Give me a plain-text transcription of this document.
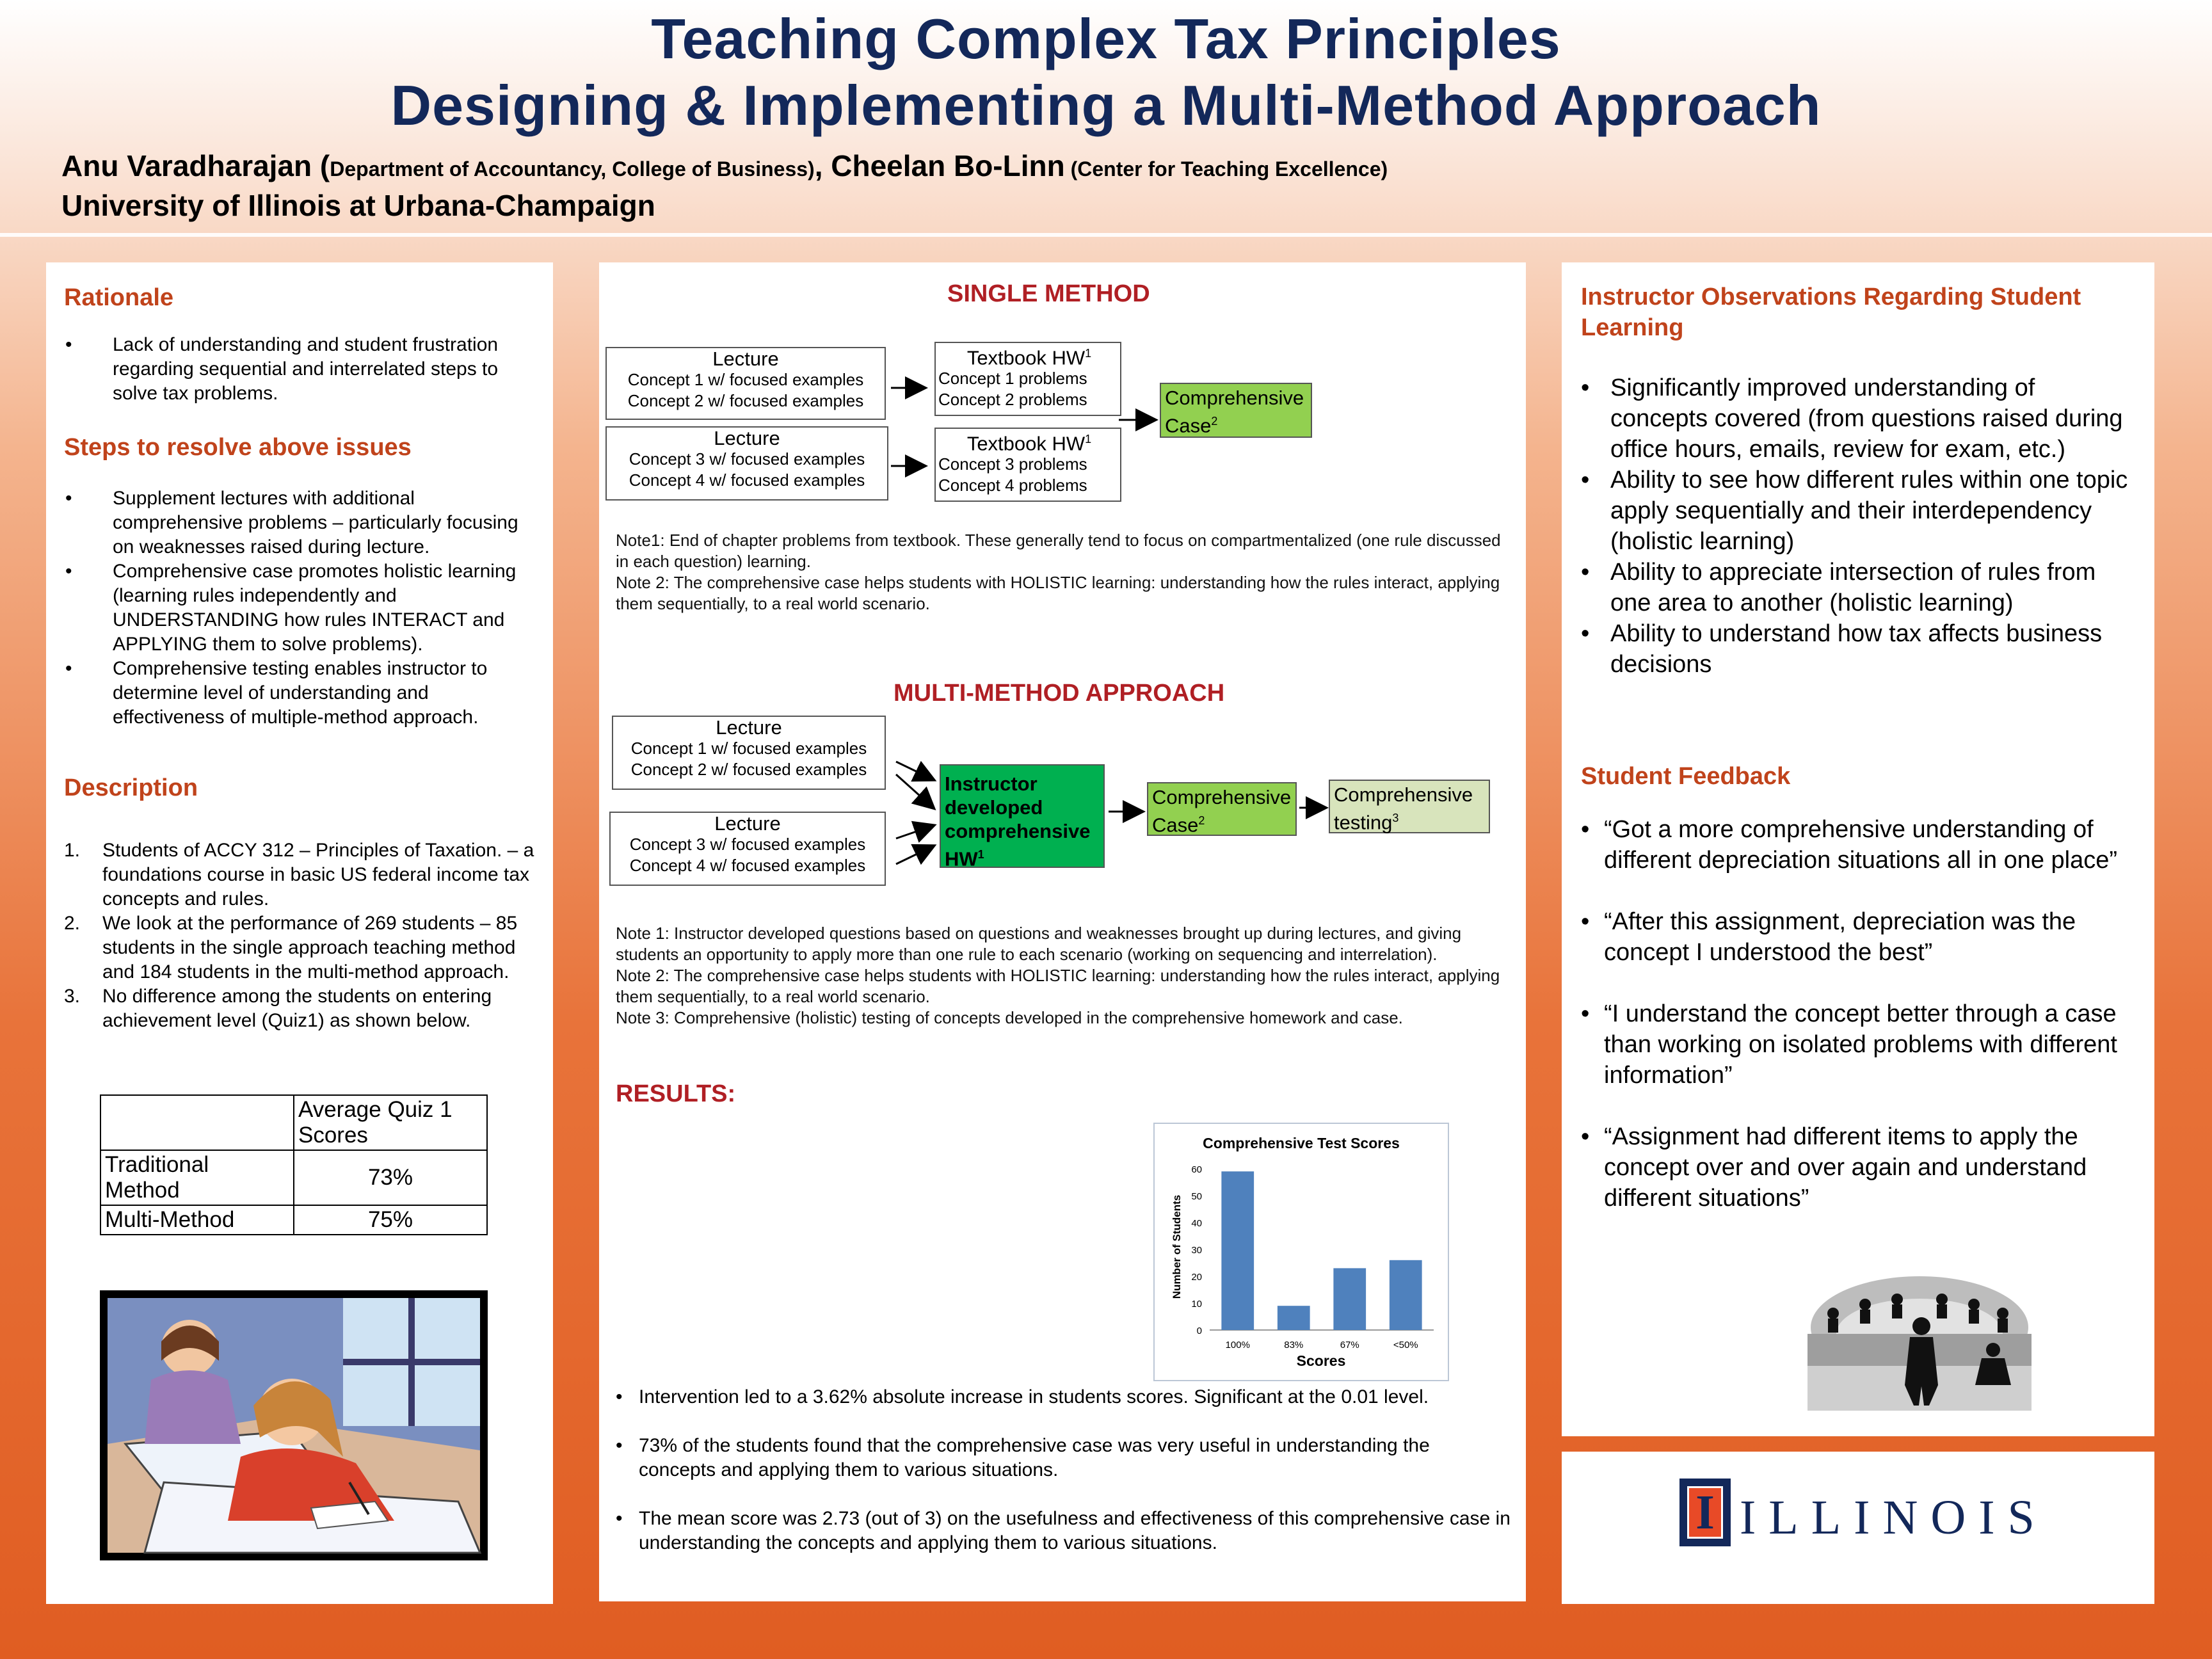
Teaching Complex Tax Principles
Designing & Implementing a Multi-Method Approach
Anu Varadharajan (Department of Accountancy, College of Business), Cheelan Bo-Linn (Center for Teaching Excellence)
University of Illinois at Urbana-Champaign
Rationale
• Lack of understanding and student frustration regarding sequential and interrelated steps to solve tax problems.
Steps to resolve above issues
• Supplement lectures with additional comprehensive problems – particularly focusing on weaknesses raised during lecture.
• Comprehensive case promotes holistic learning (learning rules independently and UNDERSTANDING how rules INTERACT and APPLYING them to solve problems).
• Comprehensive testing enables instructor to determine level of understanding and effectiveness of multiple-method approach.
Description
1. Students of ACCY 312 – Principles of Taxation. – a foundations course in basic US federal income tax concepts and rules.
2. We look at the performance of 269 students – 85 students in the single approach teaching method and 184 students in the multi-method approach.
3. No difference among the students on entering achievement level (Quiz1) as shown below.
	Average Quiz 1 Scores
Traditional Method	73%
Multi-Method	75%
SINGLE METHOD
Lecture
Concept 1 w/ focused examples
Concept 2 w/ focused examples
Lecture
Concept 3 w/ focused examples
Concept 4 w/ focused examples
Textbook $HW^1$
Concept 1 problems
Concept 2 problems
Textbook $HW^1$
Concept 3 problems
Concept 4 problems
Comprehensive Case$^2$
Note1: End of chapter problems from textbook. These generally tend to focus on compartmentalized (one rule discussed in each question) learning.
Note 2: The comprehensive case helps students with HOLISTIC learning: understanding how the rules interact, applying them sequentially, to a real world scenario.
MULTI-METHOD APPROACH
Lecture
Concept 1 w/ focused examples
Concept 2 w/ focused examples
Lecture
Concept 3 w/ focused examples
Concept 4 w/ focused examples
Instructor developed comprehensive $HW^1$
Comprehensive Case$^2$
Comprehensive testing$^3$
Note 1: Instructor developed questions based on questions and weaknesses brought up during lectures, and giving students an opportunity to apply more than one rule to each scenario (working on sequencing and interrelation).
Note 2: The comprehensive case helps students with HOLISTIC learning: understanding how the rules interact, applying them sequentially, to a real world scenario.
Note 3: Comprehensive (holistic) testing of concepts developed in the comprehensive homework and case.
RESULTS:
Comprehensive Test Scores
Scores
Number of Students
0
10
20
30
40
50
60
100%	83%	67%	<50%
• Intervention led to a 3.62% absolute increase in students scores. Significant at the 0.01 level.
• 73% of the students found that the comprehensive case was very useful in understanding the concepts and applying them to various situations.
• The mean score was 2.73 (out of 3) on the usefulness and effectiveness of this comprehensive case in understanding the concepts and applying them to various situations.
Instructor Observations Regarding Student Learning
• Significantly improved understanding of concepts covered (from questions raised during office hours, emails, review for exam, etc.)
• Ability to see how different rules within one topic apply sequentially and their interdependency (holistic learning)
• Ability to appreciate intersection of rules from one area to another (holistic learning)
• Ability to understand how tax affects business decisions
Student Feedback
• “Got a more comprehensive understanding of different depreciation situations all in one place”
• “After this assignment, depreciation was the concept I understood the best”
• “I understand the concept better through a case than working on isolated problems with different information”
• “Assignment had different items to apply the concept over and over again and understand different situations”
I ILLINOIS
